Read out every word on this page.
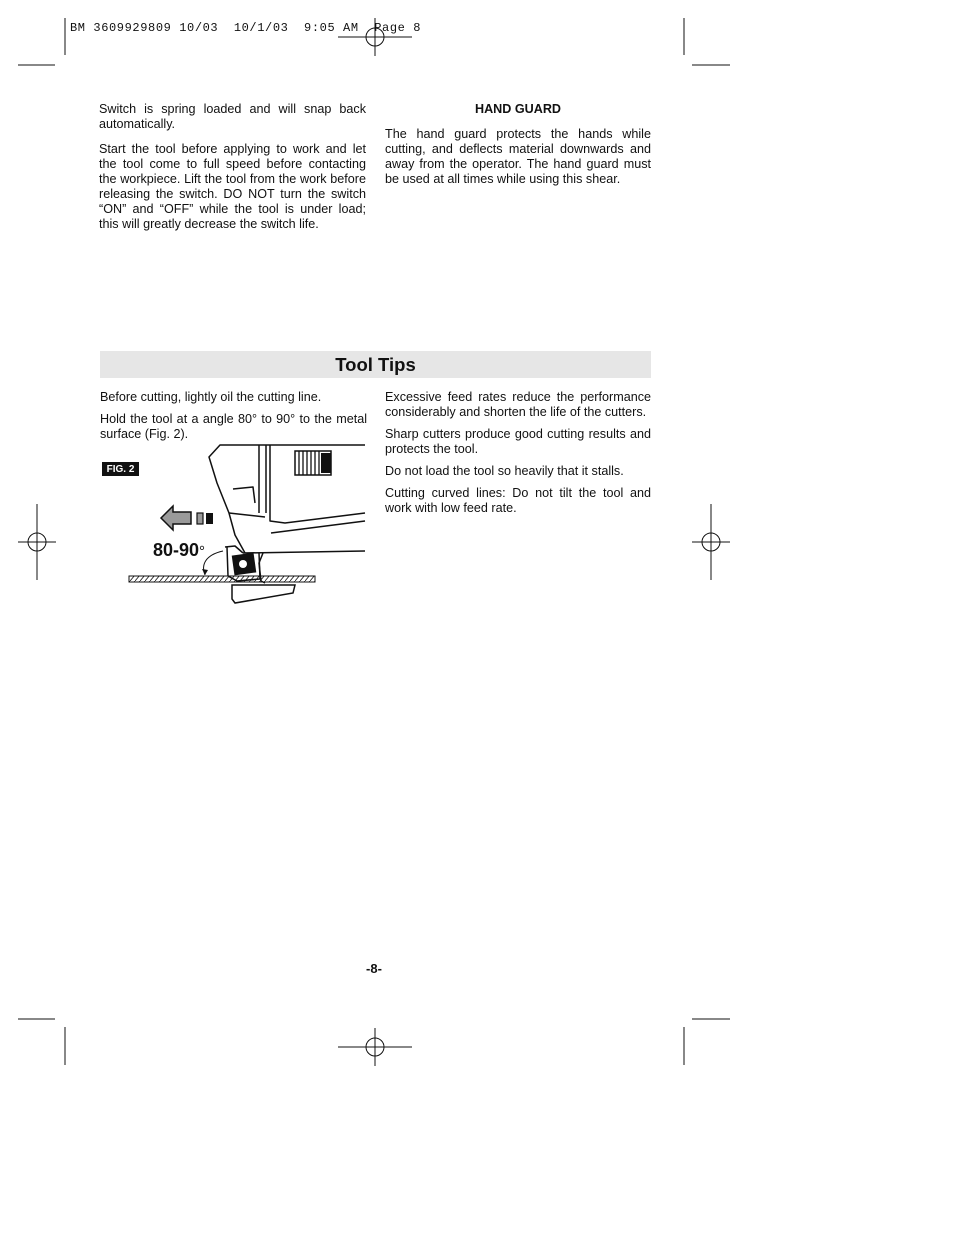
BM 3609929809 10/03  10/1/03  9:05 AM  Page 8

Switch is spring loaded and will snap back automatically.

Start the tool before applying to work and let the tool come to full speed before contacting the workpiece. Lift the tool from the work before releasing the switch. DO NOT turn the switch “ON” and “OFF” while the tool is under load; this will greatly decrease the switch life.

HAND GUARD

The hand guard protects the hands while cutting, and deflects material downwards and away from the operator. The hand guard must be used at all times while using this shear.

Tool Tips

Before cutting, lightly oil the cutting line.

Hold the tool at a angle 80° to 90° to the metal surface (Fig. 2).

Excessive feed rates reduce the performance considerably and shorten the life of the cutters.

Sharp cutters produce good cutting results and protects the tool.

Do not load the tool so heavily that it stalls.

Cutting curved lines: Do not tilt the tool and work with low feed rate.

FIG. 2
80-90°
-8-
